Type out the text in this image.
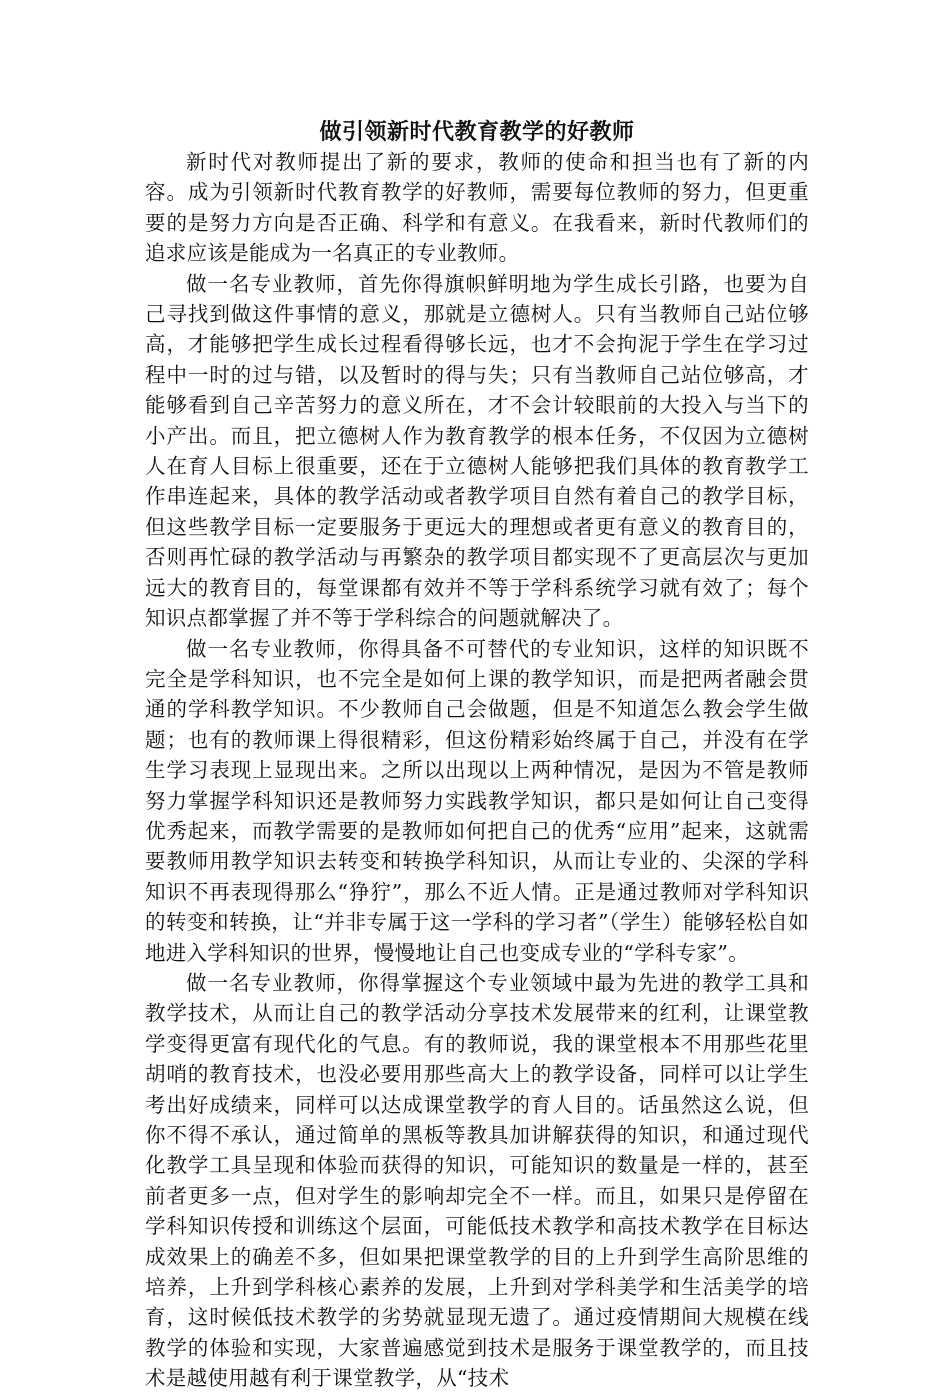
做引领新时代教育教学的好教师

新时代对教师提出了新的要求，教师的使命和担当也有了新的内容。成为引领新时代教育教学的好教师，需要每位教师的努力，但更重要的是努力方向是否正确、科学和有意义。在我看来，新时代教师们的追求应该是能成为一名真正的专业教师。

做一名专业教师，首先你得旗帜鲜明地为学生成长引路，也要为自己寻找到做这件事情的意义，那就是立德树人。只有当教师自己站位够高，才能够把学生成长过程看得够长远，也才不会拘泥于学生在学习过程中一时的过与错，以及暂时的得与失；只有当教师自己站位够高，才能够看到自己辛苦努力的意义所在，才不会计较眼前的大投入与当下的小产出。而且，把立德树人作为教育教学的根本任务，不仅因为立德树人在育人目标上很重要，还在于立德树人能够把我们具体的教育教学工作串连起来，具体的教学活动或者教学项目自然有着自己的教学目标，但这些教学目标一定要服务于更远大的理想或者更有意义的教育目的，否则再忙碌的教学活动与再繁杂的教学项目都实现不了更高层次与更加远大的教育目的，每堂课都有效并不等于学科系统学习就有效了；每个知识点都掌握了并不等于学科综合的问题就解决了。

做一名专业教师，你得具备不可替代的专业知识，这样的知识既不完全是学科知识，也不完全是如何上课的教学知识，而是把两者融会贯通的学科教学知识。不少教师自己会做题，但是不知道怎么教会学生做题；也有的教师课上得很精彩，但这份精彩始终属于自己，并没有在学生学习表现上显现出来。之所以出现以上两种情况，是因为不管是教师努力掌握学科知识还是教师努力实践教学知识，都只是如何让自己变得优秀起来，而教学需要的是教师如何把自己的优秀“应用”起来，这就需要教师用教学知识去转变和转换学科知识，从而让专业的、尖深的学科知识不再表现得那么“狰狞”，那么不近人情。正是通过教师对学科知识的转变和转换，让“并非专属于这一学科的学习者”（学生）能够轻松自如地进入学科知识的世界，慢慢地让自己也变成专业的“学科专家”。

做一名专业教师，你得掌握这个专业领域中最为先进的教学工具和教学技术，从而让自己的教学活动分享技术发展带来的红利，让课堂教学变得更富有现代化的气息。有的教师说，我的课堂根本不用那些花里胡哨的教育技术，也没必要用那些高大上的教学设备，同样可以让学生考出好成绩来，同样可以达成课堂教学的育人目的。话虽然这么说，但你不得不承认，通过简单的黑板等教具加讲解获得的知识，和通过现代化教学工具呈现和体验而获得的知识，可能知识的数量是一样的，甚至前者更多一点，但对学生的影响却完全不一样。而且，如果只是停留在学科知识传授和训练这个层面，可能低技术教学和高技术教学在目标达成效果上的确差不多，但如果把课堂教学的目的上升到学生高阶思维的培养，上升到学科核心素养的发展，上升到对学科美学和生活美学的培育，这时候低技术教学的劣势就显现无遗了。通过疫情期间大规模在线教学的体验和实现，大家普遍感觉到技术是服务于课堂教学的，而且技术是越使用越有利于课堂教学，从“技术
